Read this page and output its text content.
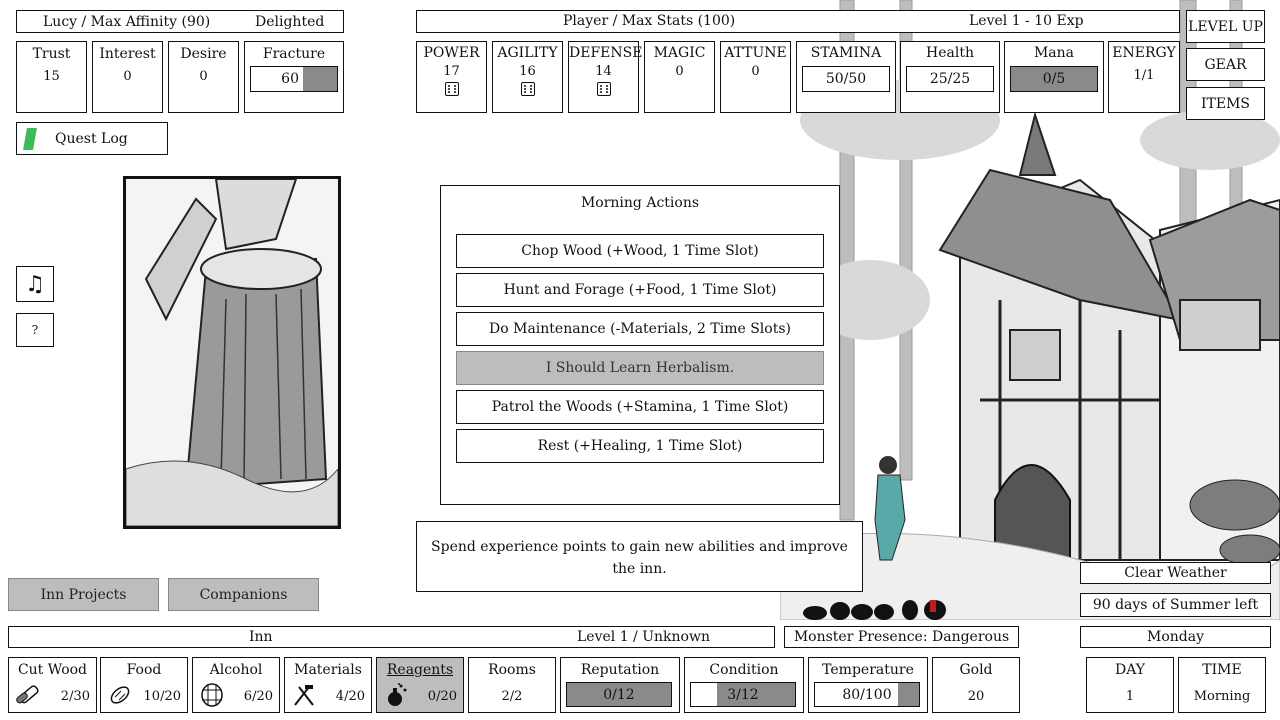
Lucy / Max Affinity (90)	Delighted
Trust
15
Interest
0
Desire
0
Fracture
60
Quest Log
♫
?
Player / Max Stats (100)	Level 1 - 10 Exp
POWER
17
AGILITY
16
DEFENSE
14
MAGIC
0
ATTUNE
0
STAMINA
50/50
Health
25/25
Mana
0/5
ENERGY
1/1
LEVEL UP
GEAR
ITEMS
Morning Actions
Chop Wood (+Wood, 1 Time Slot)
Hunt and Forage (+Food, 1 Time Slot)
Do Maintenance (-Materials, 2 Time Slots)
I Should Learn Herbalism.
Patrol the Woods (+Stamina, 1 Time Slot)
Rest (+Healing, 1 Time Slot)
Spend experience points to gain new abilities and improve the inn.
Inn Projects	Companions
Clear Weather
90 days of Summer left
Monday
Inn	Level 1 / Unknown	Monster Presence: Dangerous
Cut Wood
2/30
Food
10/20
Alcohol
6/20
Materials
4/20
Reagents
0/20
Rooms
2/2
Reputation
0/12
Condition
3/12
Temperature
80/100
Gold
20
DAY
1
TIME
Morning
